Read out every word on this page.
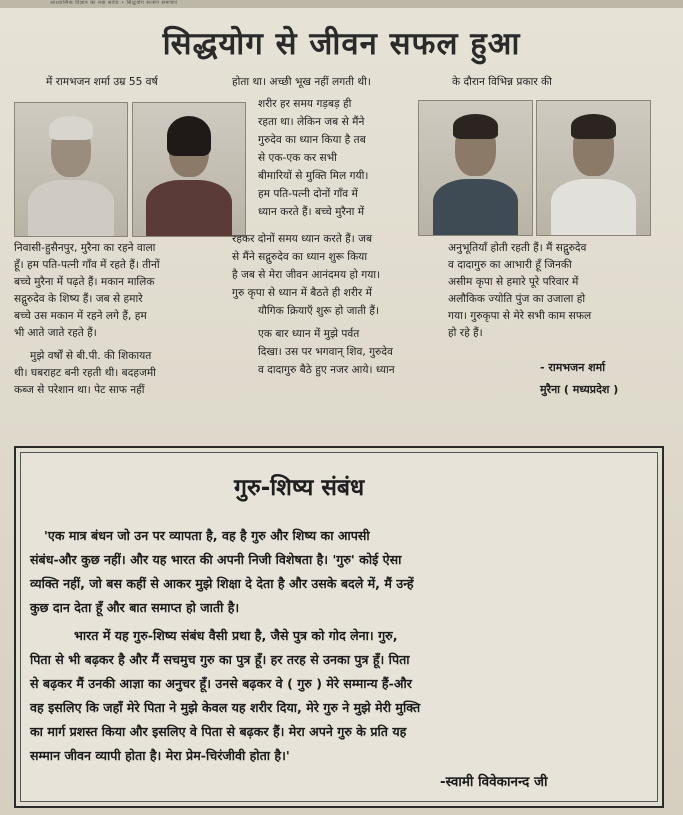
आध्यात्मिक विज्ञान का नया सवेरा • सिद्धयोग सत्संग समाचार
सिद्धयोग से जीवन सफल हुआ

में रामभजन शर्मा उम्र 55 वर्ष

निवासी-हुसैनपुर, मुरैना का रहने वाला

हूँ। हम पति-पत्नी गाँव में रहते हैं। तीनों

बच्चे मुरैना में पढ़ते हैं। मकान मालिक

सद्गुरुदेव के शिष्य हैं। जब से हमारे

बच्चे उस मकान में रहने लगे हैं, हम

भी आते जाते रहते हैं।

मुझे वर्षों से बी.पी. की शिकायत

थी। घबराहट बनी रहती थी। बदहजमी

कब्ज से परेशान था। पेट साफ नहीं

होता था। अच्छी भूख नहीं लगती थी।

शरीर हर समय गड़बड़ ही

रहता था। लेकिन जब से मैंने

गुरुदेव का ध्यान किया है तब

से एक-एक कर सभी

बीमारियों से मुक्ति मिल गयी।

हम पति-पत्नी दोनों गाँव में

ध्यान करते हैं। बच्चे मुरैना में

रहकर दोनों समय ध्यान करते हैं। जब

से मैंने सद्गुरुदेव का ध्यान शुरू किया

है जब से मेरा जीवन आनंदमय हो गया।

गुरु कृपा से ध्यान में बैठते ही शरीर में

यौगिक क्रियाएँ शुरू हो जाती हैं।

एक बार ध्यान में मुझे पर्वत

दिखा। उस पर भगवान् शिव, गुरुदेव

व दादागुरु बैठे हुए नजर आये। ध्यान

के दौरान विभिन्न प्रकार की

अनुभूतियाँ होती रहती हैं। मैं सद्गुरुदेव

व दादागुरु का आभारी हूँ जिनकी

असीम कृपा से हमारे पूरे परिवार में

अलौकिक ज्योति पुंज का उजाला हो

गया। गुरुकृपा से मेरे सभी काम सफल

हो रहे हैं।

- रामभजन शर्मा

मुरैना ( मध्यप्रदेश )

गुरु-शिष्य संबंध

'एक मात्र बंधन जो उन पर व्यापता है, वह है गुरु और शिष्य का आपसी

संबंध-और कुछ नहीं। और यह भारत की अपनी निजी विशेषता है। 'गुरु' कोई ऐसा

व्यक्ति नहीं, जो बस कहीं से आकर मुझे शिक्षा दे देता है और उसके बदले में, मैं उन्हें

कुछ दान देता हूँ और बात समाप्त हो जाती है।

भारत में यह गुरु-शिष्य संबंध वैसी प्रथा है, जैसे पुत्र को गोद लेना। गुरु,

पिता से भी बढ़कर है और मैं सचमुच गुरु का पुत्र हूँ। हर तरह से उनका पुत्र हूँ। पिता

से बढ़कर मैं उनकी आज्ञा का अनुचर हूँ। उनसे बढ़कर वे ( गुरु ) मेरे सम्मान्य हैं-और

वह इसलिए कि जहाँ मेरे पिता ने मुझे केवल यह शरीर दिया, मेरे गुरु ने मुझे मेरी मुक्ति

का मार्ग प्रशस्त किया और इसलिए वे पिता से बढ़कर हैं। मेरा अपने गुरु के प्रति यह

सम्मान जीवन व्यापी होता है। मेरा प्रेम-चिरंजीवी होता है।'

-स्वामी विवेकानन्द जी
